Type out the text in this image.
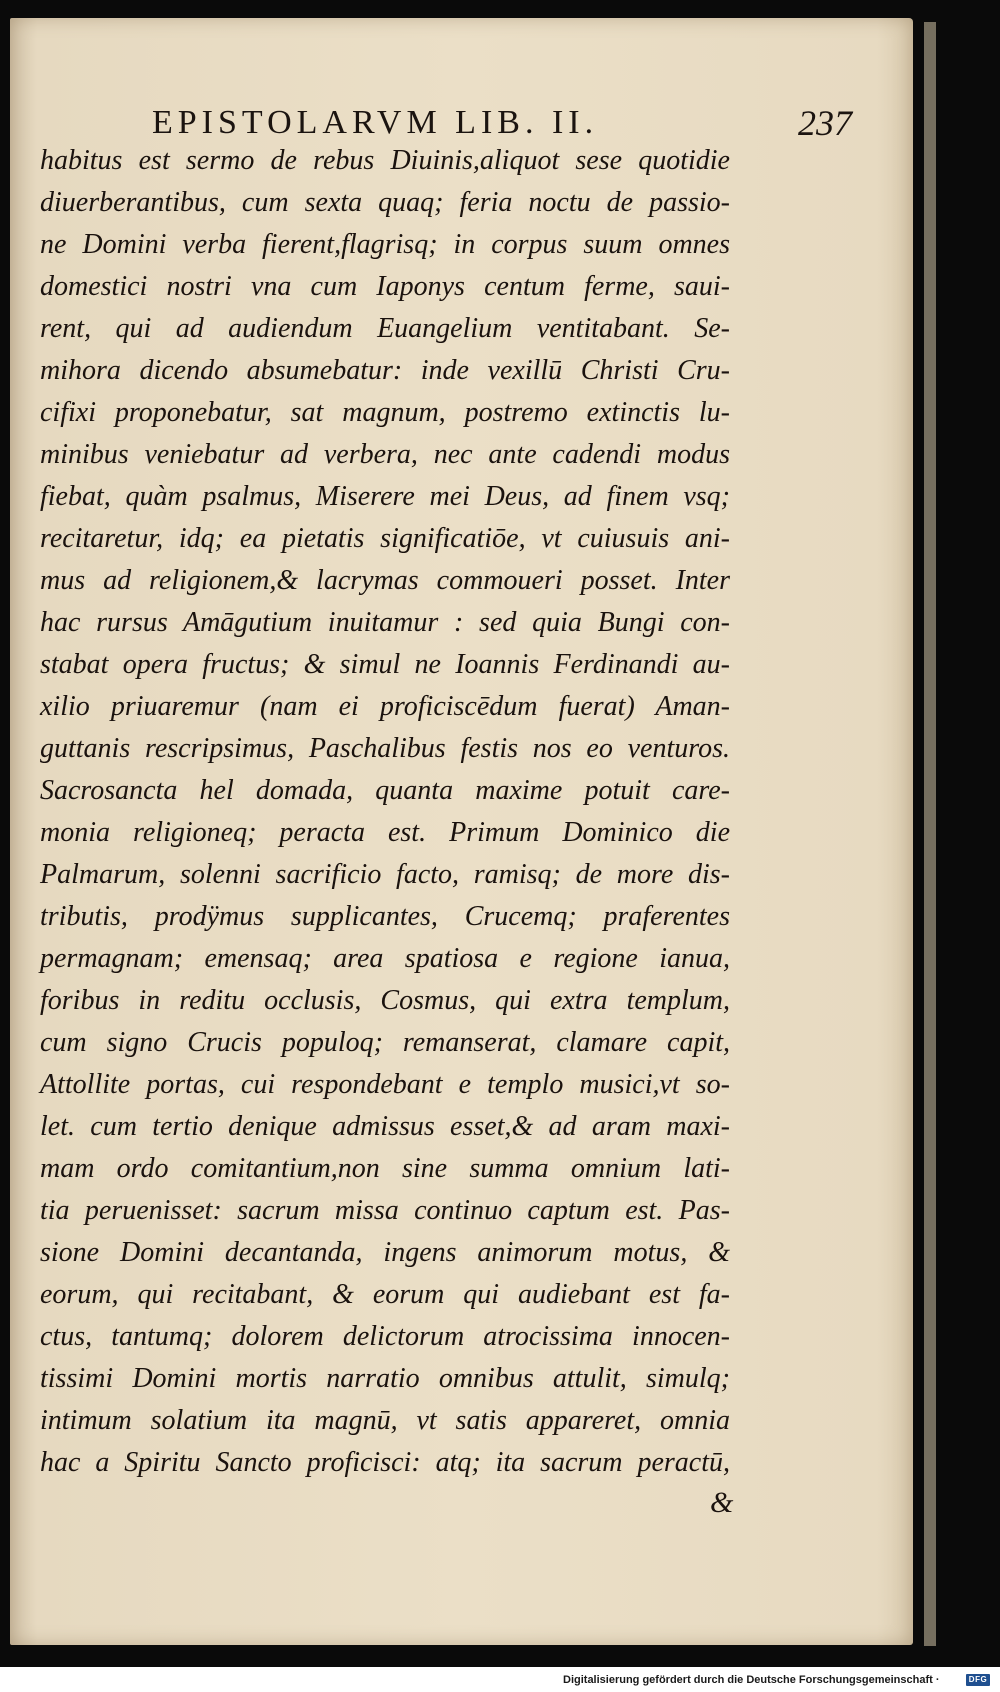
EPISTOLARVM LIB. II.	237
habitus est sermo de rebus Diuinis,aliquot sese quotidie
diuerberantibus, cum sexta quaq; feria noctu de passio-
ne Domini verba fierent,flagrisq; in corpus suum omnes
domestici nostri vna cum Iaponys centum ferme, saui-
rent, qui ad audiendum Euangelium ventitabant. Se-
mihora dicendo absumebatur: inde vexillū Christi Cru-
cifixi proponebatur, sat magnum, postremo extinctis lu-
minibus veniebatur ad verbera, nec ante cadendi modus
fiebat, quàm psalmus, Miserere mei Deus, ad finem vsq;
recitaretur, idq; ea pietatis significatiōe, vt cuiusuis ani-
mus ad religionem,& lacrymas commoueri posset. Inter
hac rursus Amāgutium inuitamur : sed quia Bungi con-
stabat opera fructus; & simul ne Ioannis Ferdinandi au-
xilio priuaremur (nam ei proficiscēdum fuerat) Aman-
guttanis rescripsimus, Paschalibus festis nos eo venturos.
Sacrosancta hel domada, quanta maxime potuit care-
monia religioneq; peracta est. Primum Dominico die
Palmarum, solenni sacrificio facto, ramisq; de more dis-
tributis, prodÿmus supplicantes, Crucemq; praferentes
permagnam; emensaq; area spatiosa e regione ianua,
foribus in reditu occlusis, Cosmus, qui extra templum,
cum signo Crucis populoq; remanserat, clamare capit,
Attollite portas, cui respondebant e templo musici,vt so-
let. cum tertio denique admissus esset,& ad aram maxi-
mam ordo comitantium,non sine summa omnium lati-
tia peruenisset: sacrum missa continuo captum est. Pas-
sione Domini decantanda, ingens animorum motus, &
eorum, qui recitabant, & eorum qui audiebant est fa-
ctus, tantumq; dolorem delictorum atrocissima innocen-
tissimi Domini mortis narratio omnibus attulit, simulq;
intimum solatium ita magnū, vt satis appareret, omnia
hac a Spiritu Sancto proficisci: atq; ita sacrum peractū,
&
Digitalisierung gefördert durch die Deutsche Forschungsgemeinschaft ·	DFG
